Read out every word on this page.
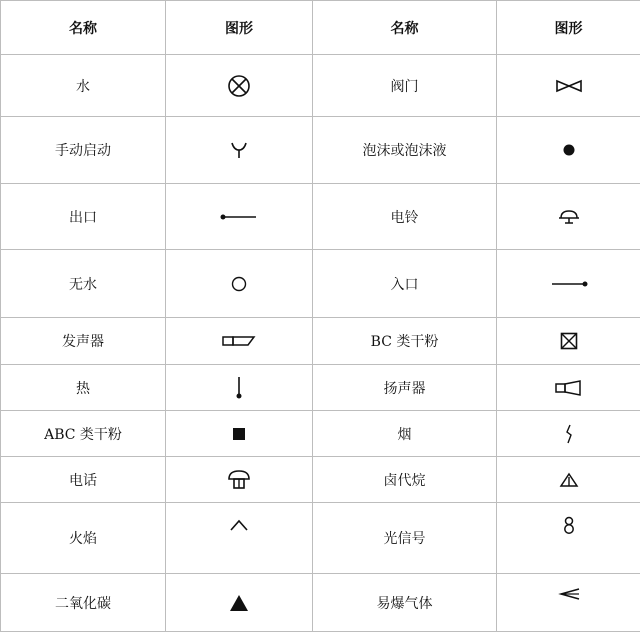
名称	图形	名称	图形
水		阀门	

手动启动		泡沫或泡沫液	

出口		电铃	

无水		入口	

发声器		BC 类干粉	

热		扬声器	

ABC 类干粉		烟	

电话		卤代烷	

火焰		光信号	

二氧化碳		易爆气体	
